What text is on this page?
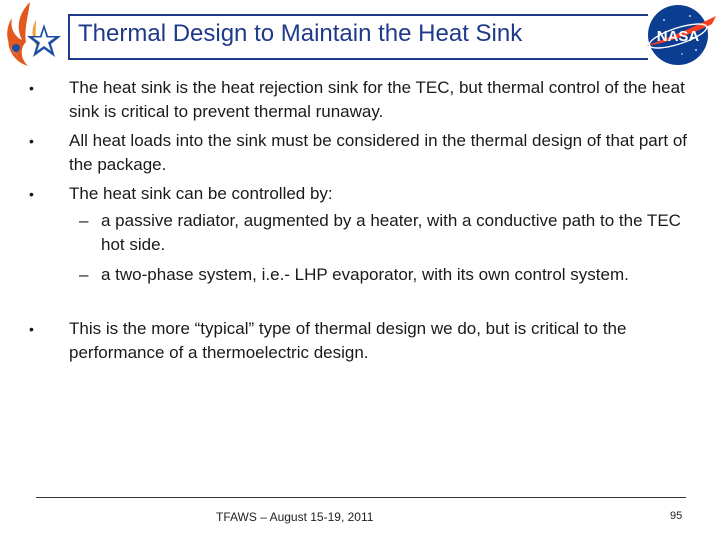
NASA
Thermal Design to Maintain the Heat Sink
• The heat sink is the heat rejection sink for the TEC, but thermal control of the heat sink is critical to prevent thermal runaway.
• All heat loads into the sink must be considered in the thermal design of that part of the package.
• The heat sink can be controlled by:
– a passive radiator, augmented by a heater, with a conductive path to the TEC hot side.
– a two-phase system, i.e.- LHP evaporator, with its own control system.
• This is the more “typical” type of thermal design we do, but is critical to the performance of a thermoelectric design.
TFAWS – August 15-19, 2011	95
